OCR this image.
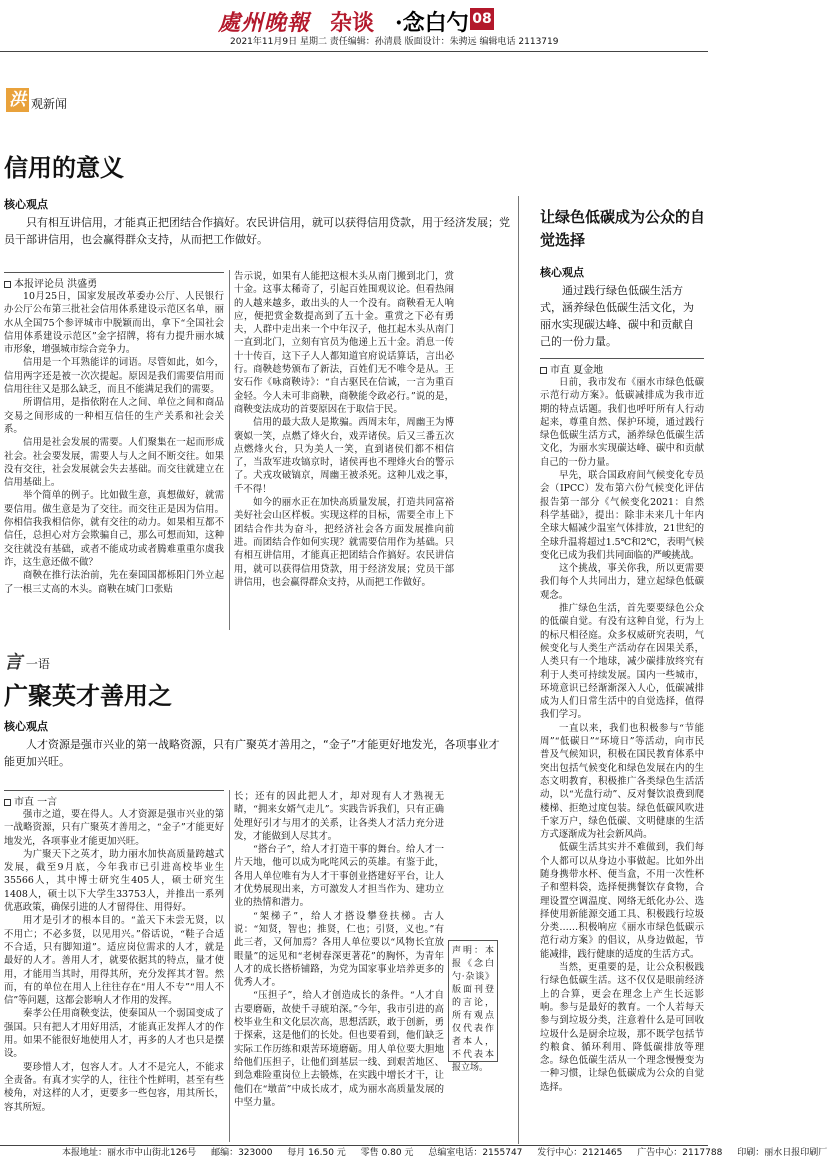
處州晚報 杂谈 ·念白勺 08
2021年11月9日 星期二 责任编辑：孙清晨 版面设计：朱骋远 编辑电话 2113719
洪 观新闻
信用的意义
核心观点
只有相互讲信用，才能真正把团结合作搞好。农民讲信用，就可以获得信用贷款，用于经济发展；党员干部讲信用，也会赢得群众支持，从而把工作做好。
本报评论员 洪盛勇

10月25日，国家发展改革委办公厅、人民银行办公厅公布第三批社会信用体系建设示范区名单，丽水从全国75个参评城市中脱颖而出，拿下“全国社会信用体系建设示范区”金字招牌，将有力提升丽水城市形象，增强城市综合竞争力。

信用是一个耳熟能详的词语。尽管如此，如今，信用两字还是被一次次提起。原因是我们需要信用而信用往往又是那么缺乏，而且不能满足我们的需要。

所谓信用，是指依附在人之间、单位之间和商品交易之间形成的一种相互信任的生产关系和社会关系。

信用是社会发展的需要。人们聚集在一起而形成社会。社会要发展，需要人与人之间不断交往。如果没有交往，社会发展就会失去基础。而交往就建立在信用基础上。

举个简单的例子。比如做生意，真想做好，就需要信用。做生意是为了交往。而交往正是因为信用。你相信我我相信你，就有交往的动力。如果相互都不信任，总担心对方会欺骗自己，那么可想而知，这种交往就没有基础，或者不能成功或者腾难重重尔虞我诈，这生意还做不做？

商鞅在推行法治前，先在秦国国都栎阳门外立起了一根三丈高的木头。商鞅在城门口张贴

告示说，如果有人能把这根木头从南门搬到北门，赏十金。这事太稀奇了，引起百姓围观议论。但看热闹的人越来越多，敢出头的人一个没有。商鞅看无人响应，便把赏金数提高到了五十金。重赏之下必有勇夫，人群中走出来一个中年汉子，他扛起木头从南门一直到北门，立刻有官员为他递上五十金。消息一传十十传百，这下子人人都知道官府说话算话，言出必行。商鞅趁势颁布了新法，百姓们无不唯令是从。王安石作《咏商鞅诗》：“自古驱民在信诚，一言为重百金轻。今人未可非商鞅，商鞅能令政必行。”说的是，商鞅变法成功的首要原因在于取信于民。

信用的最大敌人是欺骗。西周末年，周幽王为博褒姒一笑，点燃了烽火台，戏弄诸侯。后又三番五次点燃烽火台，只为美人一笑，直到诸侯们都不相信了，当敌军进攻镐京时，诸侯再也不理烽火台的警示了。犬戎攻破镐京，周幽王被杀死。这种儿戏之事，千不得！

如今的丽水正在加快高质量发展，打造共同富裕美好社会山区样板。实现这样的目标，需要全市上下团结合作共为奋斗，把经济社会各方面发展推向前进。而团结合作如何实现？就需要信用作为基础。只有相互讲信用，才能真正把团结合作搞好。农民讲信用，就可以获得信用贷款，用于经济发展；党员干部讲信用，也会赢得群众支持，从而把工作做好。

言 一语
广聚英才善用之
核心观点
人才资源是强市兴业的第一战略资源，只有广聚英才善用之，“金子”才能更好地发光，各项事业才能更加兴旺。
市直 一言

强市之道，要在得人。人才资源是强市兴业的第一战略资源，只有广聚英才善用之，“金子”才能更好地发光，各项事业才能更加兴旺。

为广聚天下之英才，助力丽水加快高质量跨越式发展，截至9月底，今年我市已引进高校毕业生35566人，其中博士研究生405人，硕士研究生1408人，硕士以下大学生33753人，并推出一系列优惠政策，确保引进的人才留得住、用得好。

用才是引才的根本目的。“盖天下未尝无贤，以不用亡；不必多贤，以见用兴。”俗话说，“鞋子合适不合适，只有脚知道”。适应岗位需求的人才，就是最好的人才。善用人才，就要依据其的特点，量才使用，才能用当其时，用得其所，充分发挥其才智。然而，有的单位在用人上往往存在“用人不专”“用人不信”等问题，这都会影响人才作用的发挥。

秦孝公任用商鞅变法，使秦国从一个弱国变成了强国。只有把人才用好用活，才能真正发挥人才的作用。如果不能很好地使用人才，再多的人才也只是摆设。

要珍惜人才，包容人才。人才不是完人，不能求全责备。有真才实学的人，往往个性鲜明，甚至有些棱角，对这样的人才，更要多一些包容，用其所长，容其所短。

长；还有的因此把人才，却对现有人才熟视无睹，“拥来女婿气走儿”。实践告诉我们，只有正确处理好引才与用才的关系，让各类人才活力充分迸发，才能做到人尽其才。

“搭台子”，给人才打造干事的舞台。给人才一片天地，他可以成为叱咤风云的英雄。有鉴于此，各用人单位唯有为人才干事创业搭建好平台，让人才优势展现出来，方可激发人才担当作为、建功立业的热情和潜力。

“架梯子”，给人才搭设攀登扶梯。古人说：“知贤，智也；推贤，仁也；引贤，义也。”有此三者，又何加焉？各用人单位要以“风物长宜放眼量”的远见和“老树春深更著花”的胸怀，为青年人才的成长搭桥铺路，为党为国家事业培养更多的优秀人才。

“压担子”，给人才创造成长的条件。“人才自古要磨砺，故使千寻琥珀深。”今年，我市引进的高校毕业生和文化层次高，思想活跃，敢于创新，勇于探索，这是他们的长处。但也要看到，他们缺乏实际工作历练和艰苦环境磨砺。用人单位要大胆地给他们压担子，让他们到基层一线、到艰苦地区、到急难险重岗位上去锻炼，在实践中增长才干，让他们在“墩苗”中成长成才，成为丽水高质量发展的中坚力量。

声明：本报《念白勺·杂谈》版面刊登的言论，所有观点仅代表作者本人，不代表本报立场。
让绿色低碳成为公众的自觉选择
核心观点
通过践行绿色低碳生活方式，涵养绿色低碳生活文化，为丽水实现碳达峰、碳中和贡献自己的一份力量。
市直 夏金地

日前，我市发布《丽水市绿色低碳示范行动方案》。低碳减排成为我市近期的特点话题。我们也呼吁所有人行动起来，尊重自然、保护环境，通过践行绿色低碳生活方式，涵养绿色低碳生活文化，为丽水实现碳达峰、碳中和贡献自己的一份力量。

早先，联合国政府间气候变化专员会（IPCC）发布第六份气候变化评估报告第一部分《气候变化2021：自然科学基础》，提出：除非未来几十年内全球大幅减少温室气体排放，21世纪的全球升温将超过1.5℃和2℃，表明气候变化已成为我们共同面临的严峻挑战。

这个挑战，事关你我，所以更需要我们每个人共同出力，建立起绿色低碳观念。

推广绿色生活，首先要要绿色公众的低碳自觉。有没有这种自觉，行为上的标尺相径庭。众多权威研究表明，气候变化与人类生产活动存在因果关系，人类只有一个地球，减少碳排放终究有利于人类可持续发展。国内一些城市，环境意识已经渐渐深入人心，低碳减排成为人们日常生活中的自觉选择，值得我们学习。

一直以来，我们也积极参与“节能周”“低碳日”“环境日”等活动，向市民普及气候知识，积极在国民教育体系中突出包括气候变化和绿色发展在内的生态文明教育，积极推广各类绿色生活活动，以“光盘行动”、反对餐饮浪费到爬楼梯、拒绝过度包装。绿色低碳风吹进千家万户，绿色低碳、文明健康的生活方式逐渐成为社会新风尚。

低碳生活其实并不难做到，我们每个人都可以从身边小事做起。比如外出随身携带水杯、便当盒，不用一次性杯子和塑料袋，选择便携餐饮存食物，合理设置空调温度、网络无纸化办公、选择使用新能源交通工具、积极践行垃圾分类……积极响应《丽水市绿色低碳示范行动方案》的倡议，从身边做起，节能减排，践行健康的适度的生活方式。

当然，更重要的是，让公众积极践行绿色低碳生活。这不仅仅是眼前经济上的合算，更会在理念上产生长远影响。参与是最好的教育。一个人若每天参与到垃圾分类，注意着什么是可回收垃圾什么是厨余垃圾，那不既学包括节约粮食、循环利用、降低碳排放等理念。绿色低碳生活从一个理念慢慢变为一种习惯，让绿色低碳成为公众的自觉选择。

本报地址：丽水市中山街北126号 邮编：323000 每月 16.50 元 零售 0.80 元 总编室电话：2155747 发行中心：2121465 广告中心：2117788 印刷：丽水日报印刷厂
